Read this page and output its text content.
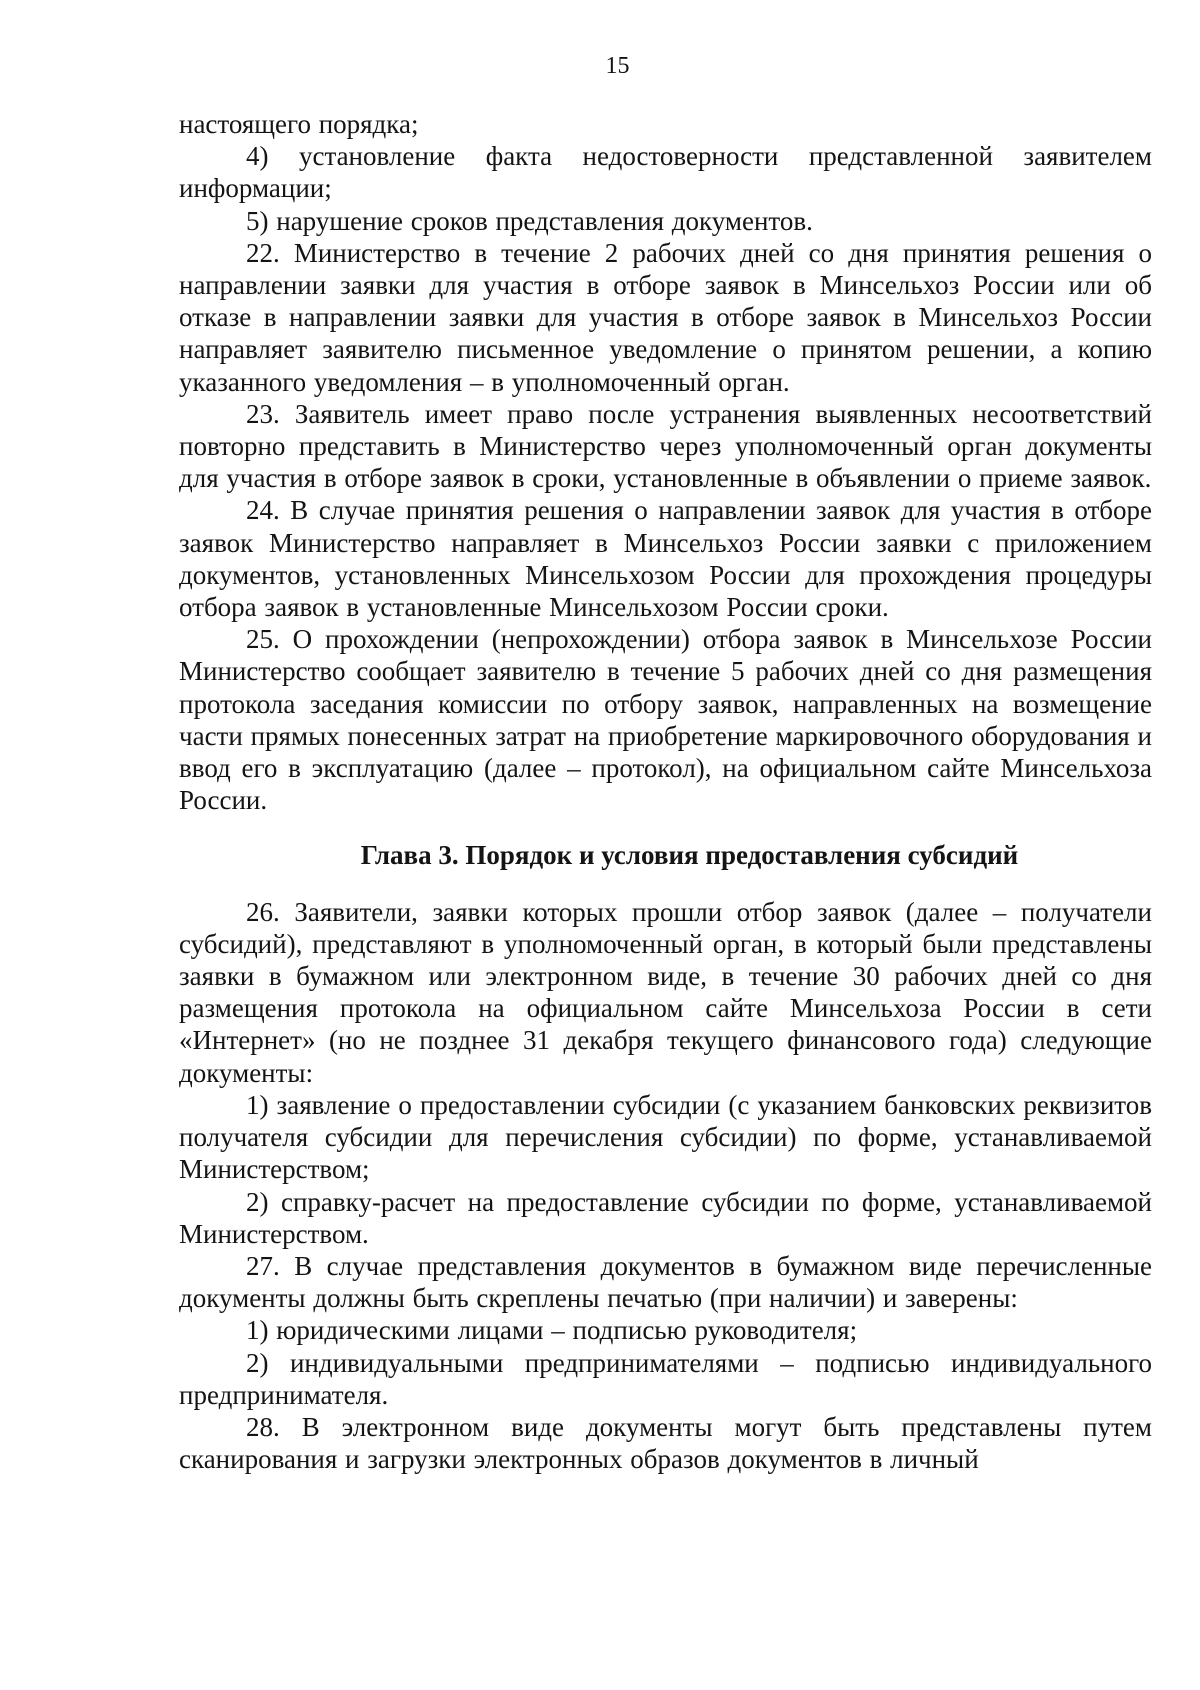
15

настоящего порядка;

4) установление факта недостоверности представленной заявителем информации;

5) нарушение сроков представления документов.

22. Министерство в течение 2 рабочих дней со дня принятия решения о направлении заявки для участия в отборе заявок в Минсельхоз России или об отказе в направлении заявки для участия в отборе заявок в Минсельхоз России направляет заявителю письменное уведомление о принятом решении, а копию указанного уведомления – в уполномоченный орган.

23. Заявитель имеет право после устранения выявленных несоответствий повторно представить в Министерство через уполномоченный орган документы для участия в отборе заявок в сроки, установленные в объявлении о приеме заявок.

24. В случае принятия решения о направлении заявок для участия в отборе заявок Министерство направляет в Минсельхоз России заявки с приложением документов, установленных Минсельхозом России для прохождения процедуры отбора заявок в установленные Минсельхозом России сроки.

25. О прохождении (непрохождении) отбора заявок в Минсельхозе России Министерство сообщает заявителю в течение 5 рабочих дней со дня размещения протокола заседания комиссии по отбору заявок, направленных на возмещение части прямых понесенных затрат на приобретение маркировочного оборудования и ввод его в эксплуатацию (далее – протокол), на официальном сайте Минсельхоза России.

Глава 3. Порядок и условия предоставления субсидий

26. Заявители, заявки которых прошли отбор заявок (далее – получатели субсидий), представляют в уполномоченный орган, в который были представлены заявки в бумажном или электронном виде, в течение 30 рабочих дней со дня размещения протокола на официальном сайте Минсельхоза России в сети «Интернет» (но не позднее 31 декабря текущего финансового года) следующие документы:

1) заявление о предоставлении субсидии (с указанием банковских реквизитов получателя субсидии для перечисления субсидии) по форме, устанавливаемой Министерством;

2) справку-расчет на предоставление субсидии по форме, устанавливаемой Министерством.

27. В случае представления документов в бумажном виде перечисленные документы должны быть скреплены печатью (при наличии) и заверены:

1) юридическими лицами – подписью руководителя;

2) индивидуальными предпринимателями – подписью индивидуального предпринимателя.

28. В электронном виде документы могут быть представлены путем сканирования и загрузки электронных образов документов в личный
